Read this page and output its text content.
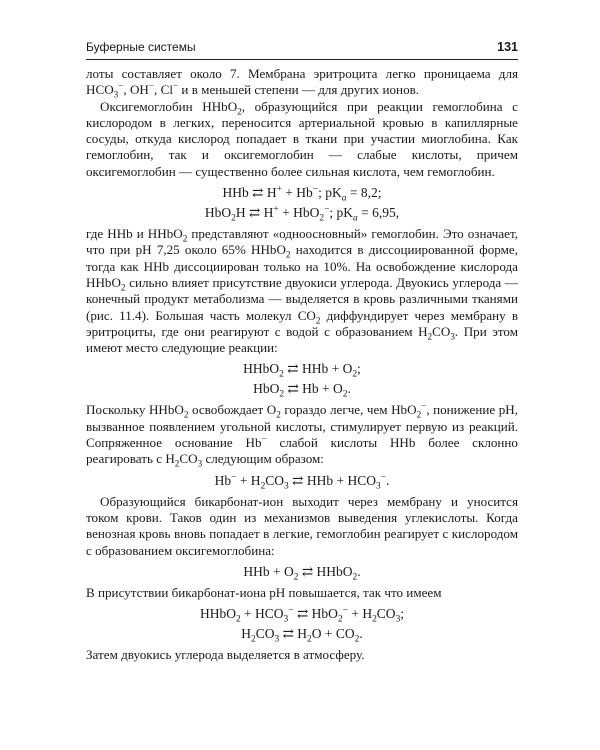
Буферные системы	131

лоты составляет около 7. Мембрана эритроцита легко проницаема для $HCO_3^-$, OH−, Cl− и в меньшей степени — для других ионов.

Оксигемоглобин HHbO$_2$, образующийся при реакции гемоглобина с кислородом в легких, переносится артериальной кровью в капиллярные сосуды, откуда кислород попадает в ткани при участии миоглобина. Как гемоглобин, так и оксигемоглобин — слабые кислоты, причем оксигемоглобин — существенно более сильная кислота, чем гемоглобин.

HHb ⇄ H+ + Hb−; $pK_a = 8,2$;
HbO$_2$H ⇄ H+ + HbO$_2$−; $pK_a = 6,95$,

где HHb и HHbO$_2$ представляют «одноосновный» гемоглобин. Это означает, что при pH 7,25 около 65% HHbO$_2$ находится в диссоциированной форме, тогда как HHb диссоциирован только на 10%. На освобождение кислорода HHbO$_2$ сильно влияет присутствие двуокиси углерода. Двуокись углерода — конечный продукт метаболизма — выделяется в кровь различными тканями (рис. 11.4). Большая часть молекул $CO_2$ диффундирует через мембрану в эритроциты, где они реагируют с водой с образованием $H_2CO_3$. При этом имеют место следующие реакции:

HHbO$_2$ ⇄ HHb + $O_2$;
HbO$_2$ ⇄ $Hb + O_2$.

Поскольку HHbO$_2$ освобождает $O_2$ гораздо легче, чем HbO$_2$−, понижение pH, вызванное появлением угольной кислоты, стимулирует первую из реакций. Сопряженное основание Hb− слабой кислоты HHb более склонно реагировать с $H_2CO_3$ следующим образом:

$Hb^- + H_2CO_3$ ⇄ HHb + $HCO_3^-$.

Образующийся бикарбонат-ион выходит через мембрану и уносится током крови. Таков один из механизмов выведения углекислоты. Когда венозная кровь вновь попадает в легкие, гемоглобин реагирует с кислородом с образованием оксигемоглобина:

HHb + $O_2$ ⇄ HHbO$_2$.

В присутствии бикарбонат-иона pH повышается, так что имеем

HHbO$_2$ + $HCO_3^-$ ⇄ $HbO_2^- + H_2CO_3$;
$H_2CO_3$ ⇄ $H_2O + CO_2$.

Затем двуокись углерода выделяется в атмосферу.
